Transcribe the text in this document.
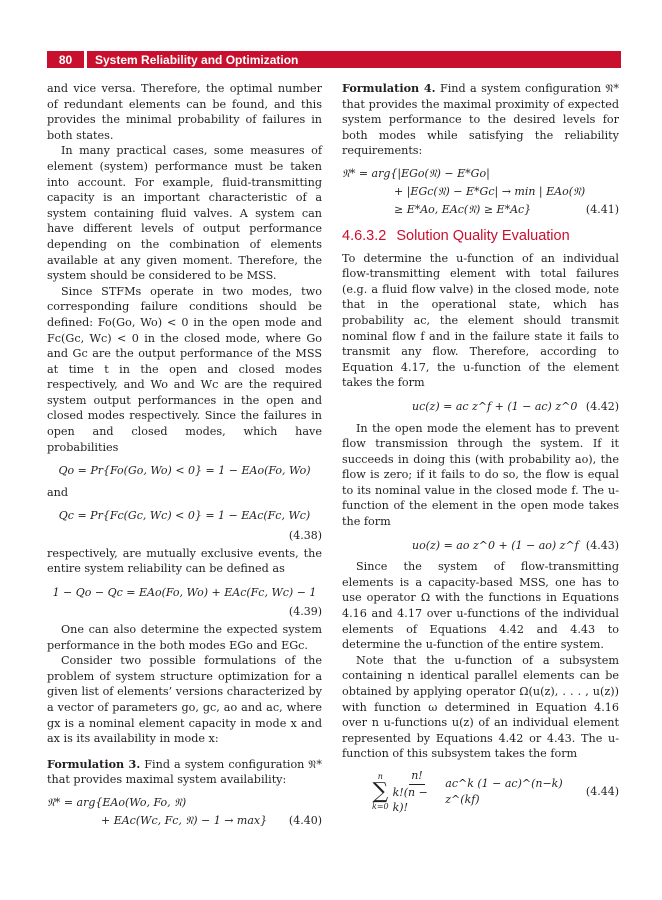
80	System Reliability and Optimization

and vice versa. Therefore, the optimal number of redundant elements can be found, and this provides the minimal probability of failures in both states.

In many practical cases, some measures of element (system) performance must be taken into account. For example, fluid-transmitting capacity is an important characteristic of a system containing fluid valves. A system can have different levels of output performance depending on the combination of elements available at any given moment. Therefore, the system should be considered to be MSS.

Since STFMs operate in two modes, two corresponding failure conditions should be defined: Fo(Go, Wo) < 0 in the open mode and Fc(Gc, Wc) < 0 in the closed mode, where Go and Gc are the output performance of the MSS at time t in the open and closed modes respectively, and Wo and Wc are the required system output performances in the open and closed modes respectively. Since the failures in open and closed modes, which have probabilities

Qo = Pr{Fo(Go, Wo) < 0} = 1 − EAo(Fo, Wo)

and

Qc = Pr{Fc(Gc, Wc) < 0} = 1 − EAc(Fc, Wc)
(4.38)

respectively, are mutually exclusive events, the entire system reliability can be defined as

1 − Qo − Qc = EAo(Fo, Wo) + EAc(Fc, Wc) − 1
(4.39)

One can also determine the expected system performance in the both modes EGo and EGc.

Consider two possible formulations of the problem of system structure optimization for a given list of elements’ versions characterized by a vector of parameters go, gc, ao and ac, where gx is a nominal element capacity in mode x and ax is its availability in mode x:

Formulation 3. Find a system configuration 𝔑* that provides maximal system availability:

𝔑* = arg{EAo(Wo, Fo, 𝔑)
+ EAc(Wc, Fc, 𝔑) − 1 → max} (4.40)

Formulation 4. Find a system configuration 𝔑* that provides the maximal proximity of expected system performance to the desired levels for both modes while satisfying the reliability requirements:

𝔑* = arg{|EGo(𝔑) − E*Go|
+ |EGc(𝔑) − E*Gc| → min | EAo(𝔑)
≥ E*Ao, EAc(𝔑) ≥ E*Ac}	(4.41)
4.6.3.2 Solution Quality Evaluation

To determine the u-function of an individual flow-transmitting element with total failures (e.g. a fluid flow valve) in the closed mode, note that in the operational state, which has probability ac, the element should transmit nominal flow f and in the failure state it fails to transmit any flow. Therefore, according to Equation 4.17, the u-function of the element takes the form

uc(z) = ac z^f + (1 − ac) z^0 (4.42)

In the open mode the element has to prevent flow transmission through the system. If it succeeds in doing this (with probability ao), the flow is zero; if it fails to do so, the flow is equal to its nominal value in the closed mode f. The u-function of the element in the open mode takes the form

uo(z) = ao z^0 + (1 − ao) z^f (4.43)

Since the system of flow-transmitting elements is a capacity-based MSS, one has to use operator Ω with the functions in Equations 4.16 and 4.17 over u-functions of the individual elements of Equations 4.42 and 4.43 to determine the u-function of the entire system.

Note that the u-function of a subsystem containing n identical parallel elements can be obtained by applying operator Ω(u(z), . . . , u(z)) with function ω determined in Equation 4.16 over n u-functions u(z) of an individual element represented by Equations 4.42 or 4.43. The u-function of this subsystem takes the form

n
∑
$k=0 \frac{n!}{k!(n - k)!}$ ac^k (1 − ac)^(n−k) z^(kf)
(4.44)
